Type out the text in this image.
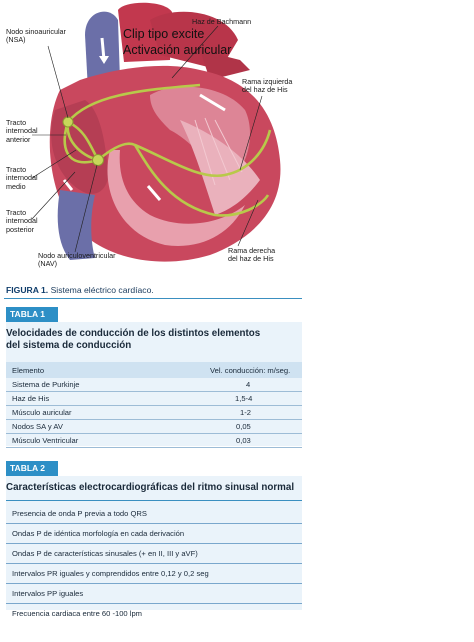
Haz de Bachmann
Nodo sinoauricular
(NSA)
Rama izquierda
del haz de His
Tracto
internodal
anterior
Tracto
internodal
medio
Tracto
internodal
posterior
Nodo auriculoventricular
(NAV)
Rama derecha
del haz de His
Clip tipo excite
Activación auricular
FIGURA 1. Sistema eléctrico cardíaco.
TABLA 1
Velocidades de conducción de los distintos elementos
del sistema de conducción
Elemento	Vel. conducción: m/seg.
Sistema de Purkinje	4
Haz de His	1,5-4
Músculo auricular	1-2
Nodos SA y AV	0,05
Músculo Ventricular	0,03
TABLA 2
Características electrocardiográficas del ritmo sinusal normal
Presencia de onda P previa a todo QRS
Ondas P de idéntica morfología en cada derivación
Ondas P de características sinusales (+ en II, III y aVF)
Intervalos PR iguales y comprendidos entre 0,12 y 0,2 seg
Intervalos PP iguales
Frecuencia cardiaca entre 60 -100 lpm
